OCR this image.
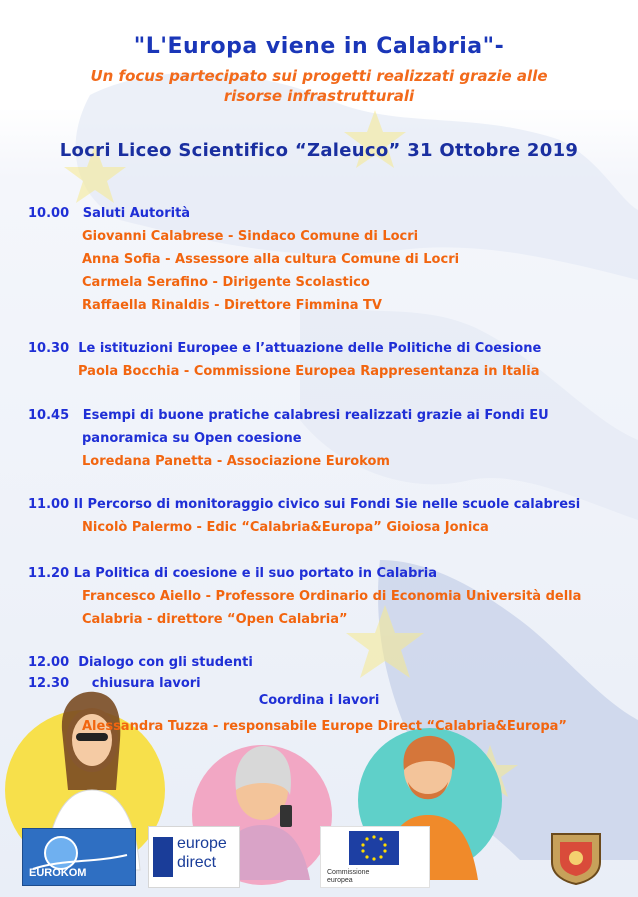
"L'Europa viene in Calabria"-
Un focus partecipato sui progetti realizzati grazie alle
risorse infrastrutturali
Locri Liceo Scientifico “Zaleuco” 31 Ottobre 2019
10.00 Saluti Autorità
Giovanni Calabrese - Sindaco Comune di Locri
Anna Sofia - Assessore alla cultura Comune di Locri
Carmela Serafino - Dirigente Scolastico
Raffaella Rinaldis - Direttore Fimmina TV
10.30 Le istituzioni Europee e l’attuazione delle Politiche di Coesione
Paola Bocchia - Commissione Europea Rappresentanza in Italia
10.45 Esempi di buone pratiche calabresi realizzati grazie ai Fondi EU
panoramica su Open coesione
Loredana Panetta - Associazione Eurokom
11.00 Il Percorso di monitoraggio civico sui Fondi Sie nelle scuole calabresi
Nicolò Palermo - Edic “Calabria&Europa” Gioiosa Jonica
11.20 La Politica di coesione e il suo portato in Calabria
Francesco Aiello - Professore Ordinario di Economia Università della
Calabria - direttore “Open Calabria”
12.00 Dialogo con gli studenti
12.30 chiusura lavori
Coordina i lavori
Alessandra Tuzza - responsabile Europe Direct “Calabria&Europa”
EUROKOM
europe
direct
Commissione
europea
